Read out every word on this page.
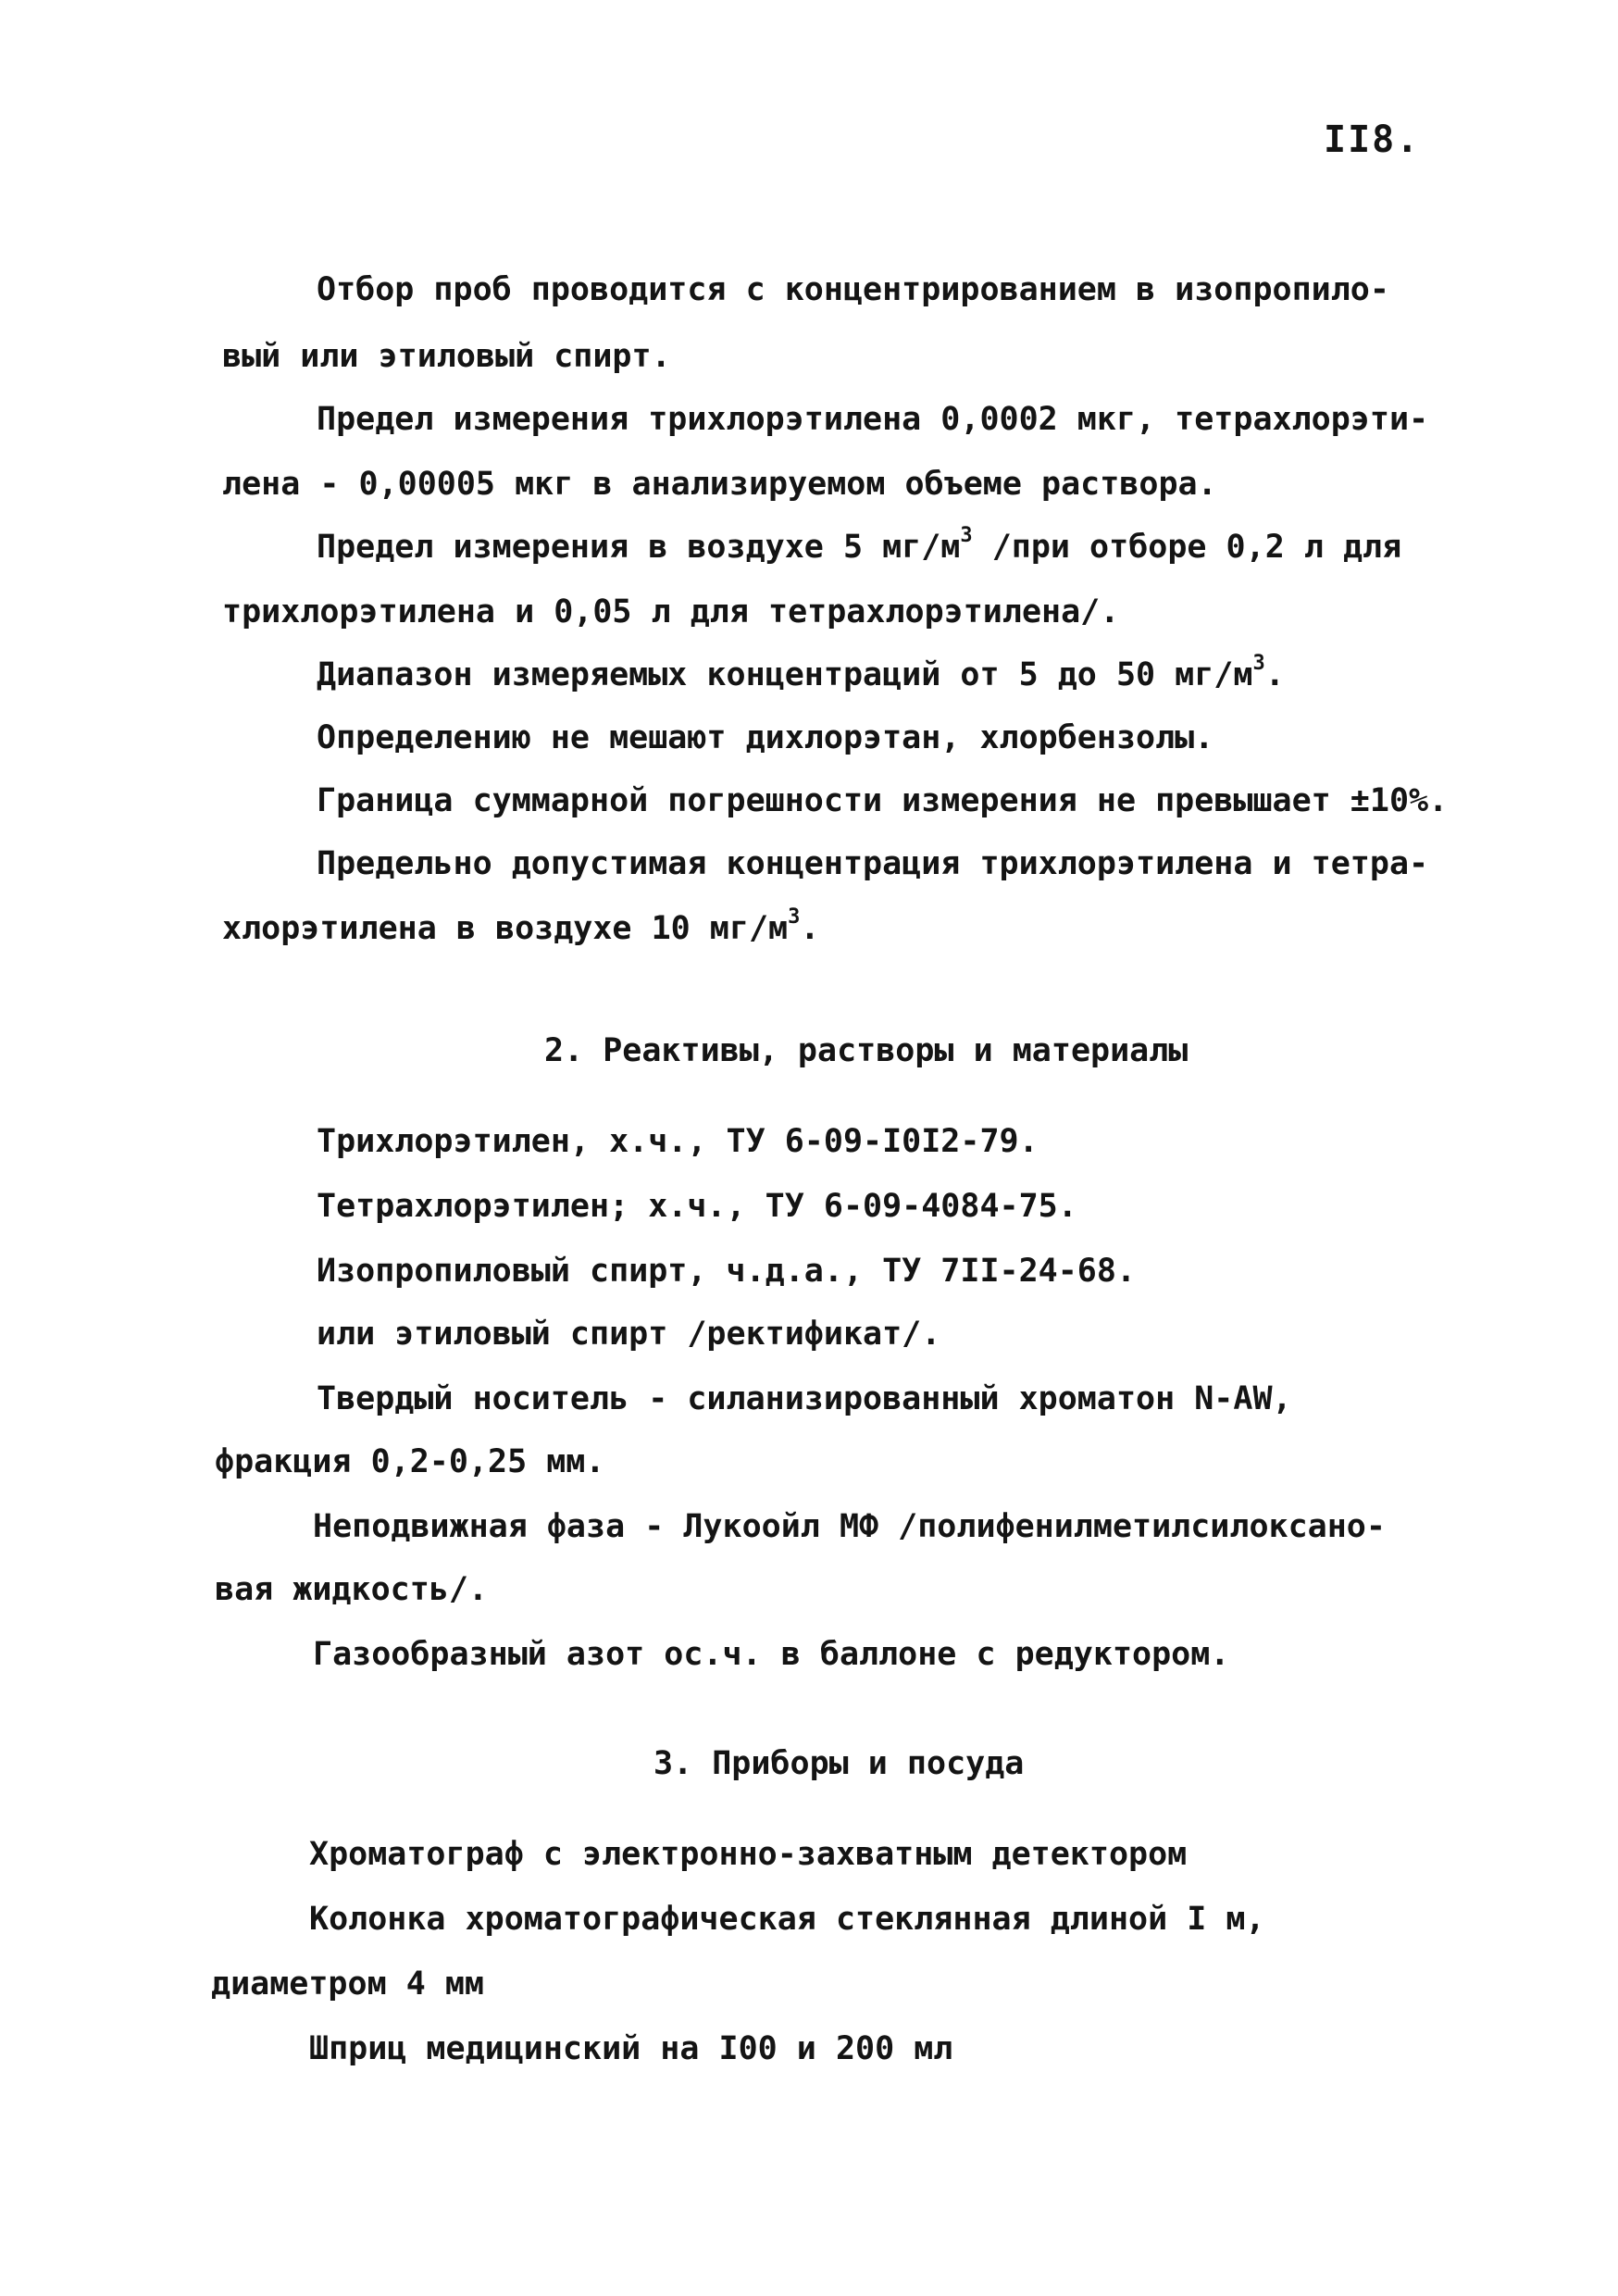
II8.
Отбор проб проводится с концентрированием в изопропило-
вый или этиловый спирт.
Предел измерения трихлорэтилена 0,0002 мкг, тетрахлорэти-
лена - 0,00005 мкг в анализируемом объеме раствора.
Предел измерения в воздухе 5 $мг/м^3$ /при отборе 0,2 л для
трихлорэтилена и 0,05 л для тетрахлорэтилена/.
Диапазон измеряемых концентраций от 5 до 50 $мг/м^3$.
Определению не мешают дихлорэтан, хлорбензолы.
Граница суммарной погрешности измерения не превышает ±10%.
Предельно допустимая концентрация трихлорэтилена и тетра-
хлорэтилена в воздухе 10 $мг/м^3$.
2. Реактивы, растворы и материалы
Трихлорэтилен, х.ч., ТУ 6-09-I0I2-79.
Тетрахлорэтилен; х.ч., ТУ 6-09-4084-75.
Изопропиловый спирт, ч.д.а., ТУ 7II-24-68.
или этиловый спирт /ректификат/.
Твердый носитель - силанизированный хроматон N-AW,
фракция 0,2-0,25 мм.
Неподвижная фаза - Лукоойл МФ /полифенилметилсилоксано-
вая жидкость/.
Газообразный азот ос.ч. в баллоне с редуктором.
3. Приборы и посуда
Хроматограф с электронно-захватным детектором
Колонка хроматографическая стеклянная длиной I м,
диаметром 4 мм
Шприц медицинский на I00 и 200 мл
